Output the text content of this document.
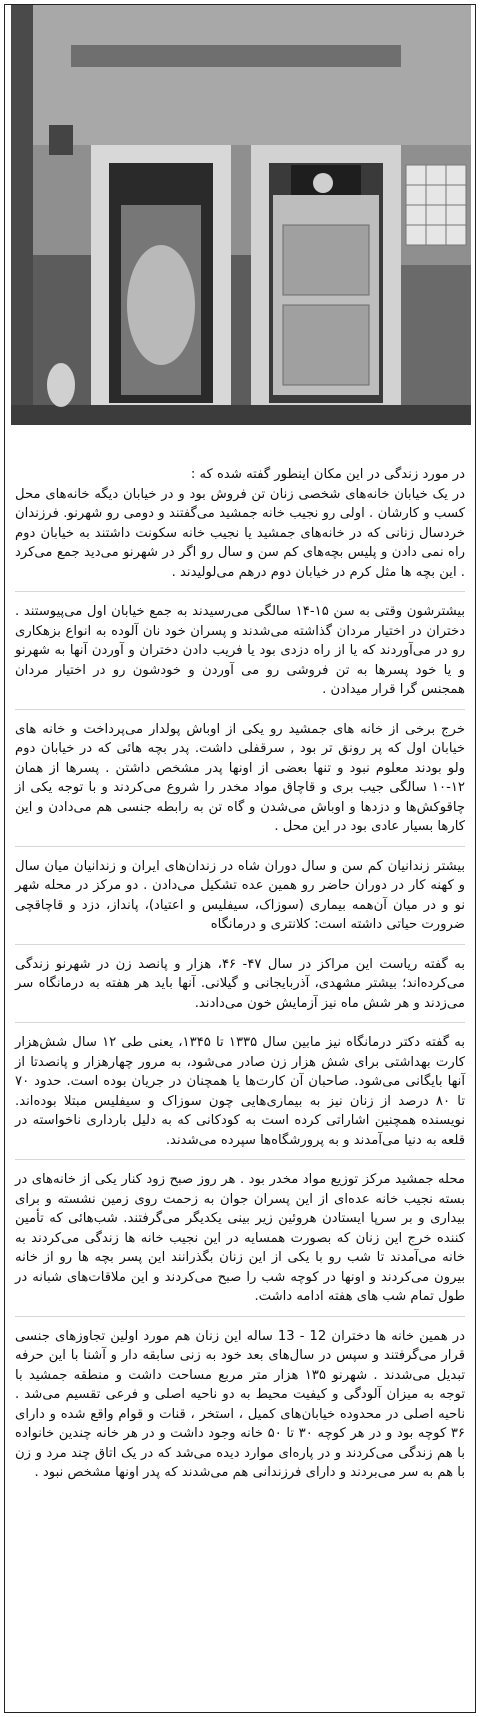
در مورد زندگی در این مکان اینطور گفته شده که :
در یک خیابان خانه‌های شخصی زنان تن فروش بود و در خیابان دیگه خانه‌های محل کسب و کارشان . اولی رو نجیب خانه جمشید می‌گفتند و دومی رو شهرنو. فرزندان خردسال زنانی که در خانه‌های جمشید یا نجیب خانه سکونت داشتند به خیابان دوم راه نمی دادن و پلیس بچه‌های کم سن و سال رو اگر در شهرنو می‌دید جمع می‌کرد . این بچه ها مثل کرم در خیابان دوم درهم می‌لولیدند .

بیشترشون وقتی به سن ۱۵-۱۴ سالگی می‌رسیدند به جمع خیابان اول می‌پیوستند . دختران در اختیار مردان گذاشته می‌شدند و پسران خود نان آلوده به انواع بزهکاری رو در می‌آوردند که یا از راه دزدی بود یا فریب دادن دختران و آوردن آنها به شهرنو و یا خود پسرها به تن فروشی رو می آوردن و خودشون رو در اختیار مردان همجنس گرا قرار میدادن .

خرج برخی از خانه های جمشید رو یکی از اوباش پولدار می‌پرداخت و خانه های خیابان اول که پر رونق تر بود , سرقفلی داشت. پدر بچه هائی که در خیابان دوم ولو بودند معلوم نبود و تنها بعضی از اونها پدر مشخص داشتن . پسرها از همان ۱۲-۱۰ سالگی جیب بری و قاچاق مواد مخدر را شروع می‌کردند و با توجه یکی از چاقوکش‌ها و دزدها و اوباش می‌شدن و گاه تن به رابطه جنسی هم می‌دادن و این کارها بسیار عادی بود در این محل .

بیشتر زندانیان کم سن و سال دوران شاه در زندان‌های ایران و زندانیان میان سال و کهنه کار در دوران حاضر رو همین عده تشکیل می‌دادن . دو مرکز در محله شهر نو و در میان آن‌همه بیماری (سوزاک، سیفلیس و اعتیاد)، پانداز، دزد و قاچاقچی ضرورت حیاتی داشته است: کلانتری و درمانگاه

به گفته ریاست این مراکز در سال ۴۷- ۴۶، هزار و پانصد زن در شهرنو زندگی می‌کرده‌اند؛ بیشتر مشهدی، آذربایجانی و گیلانی. آنها باید هر هفته به درمانگاه سر می‌زدند و هر شش ماه نیز آزمایش خون می‌دادند.

به گفته دکتر درمانگاه نیز مابین سال ۱۳۳۵ تا ۱۳۴۵، یعنی طی ۱۲ سال شش‌هزار کارت بهداشتی برای شش هزار زن صادر می‌شود، به مرور چهارهزار و پانصدتا از آنها بایگانی می‌شود. صاحبان آن کارت‌ها یا همچنان در جریان بوده است. حدود ۷۰ تا ۸۰ درصد از زنان نیز به بیماری‌هایی چون سوزاک و سیفلیس مبتلا بوده‌اند. نویسنده همچنین اشاراتی کرده است به کودکانی که به دلیل بارداری ناخواسته در قلعه به دنیا می‌آمدند و به پرورشگاه‌ها سپرده می‌شدند.

محله جمشید مرکز توزیع مواد مخدر بود . هر روز صبح زود کنار یکی از خانه‌های در بسته نجیب خانه عده‌ای از این پسران جوان به زحمت روی زمین نشسته و برای بیداری و بر سرپا ایستادن هروئین زیر بینی یکدیگر می‌گرفتند. شب‌هائی که تأمین کننده خرج این زنان که بصورت همسایه در این نجیب خانه ها زندگی می‌کردند به خانه می‌آمدند تا شب رو با یکی از این زنان بگذرانند این پسر بچه ها رو از خانه بیرون می‌کردند و اونها در کوچه شب را صبح می‌کردند و این ملاقات‌های شبانه در طول تمام شب های هفته ادامه داشت.

در همین خانه ها دختران 12 - 13 ساله این زنان هم مورد اولین تجاوزهای جنسی قرار می‌گرفتند و سپس در سال‌های بعد خود به زنی سابقه دار و آشنا با این حرفه تبدیل می‌شدند . شهرنو ۱۳۵ هزار متر مربع مساحت داشت و منطقه جمشید با توجه به میزان آلودگی و کیفیت محیط به دو ناحیه اصلی و فرعی تقسیم می‌شد . ناحیه اصلی در محدوده خیابان‌های کمیل ، استخر ، قنات و قوام واقع شده و دارای ۳۶ کوچه بود و در هر کوچه ۳۰ تا ۵۰ خانه وجود داشت و در هر خانه چندین خانواده با هم زندگی می‌کردند و در پاره‌ای موارد دیده می‌شد که در یک اتاق چند مرد و زن با هم به سر می‌بردند و دارای فرزندانی هم می‌شدند که پدر اونها مشخص نبود .
